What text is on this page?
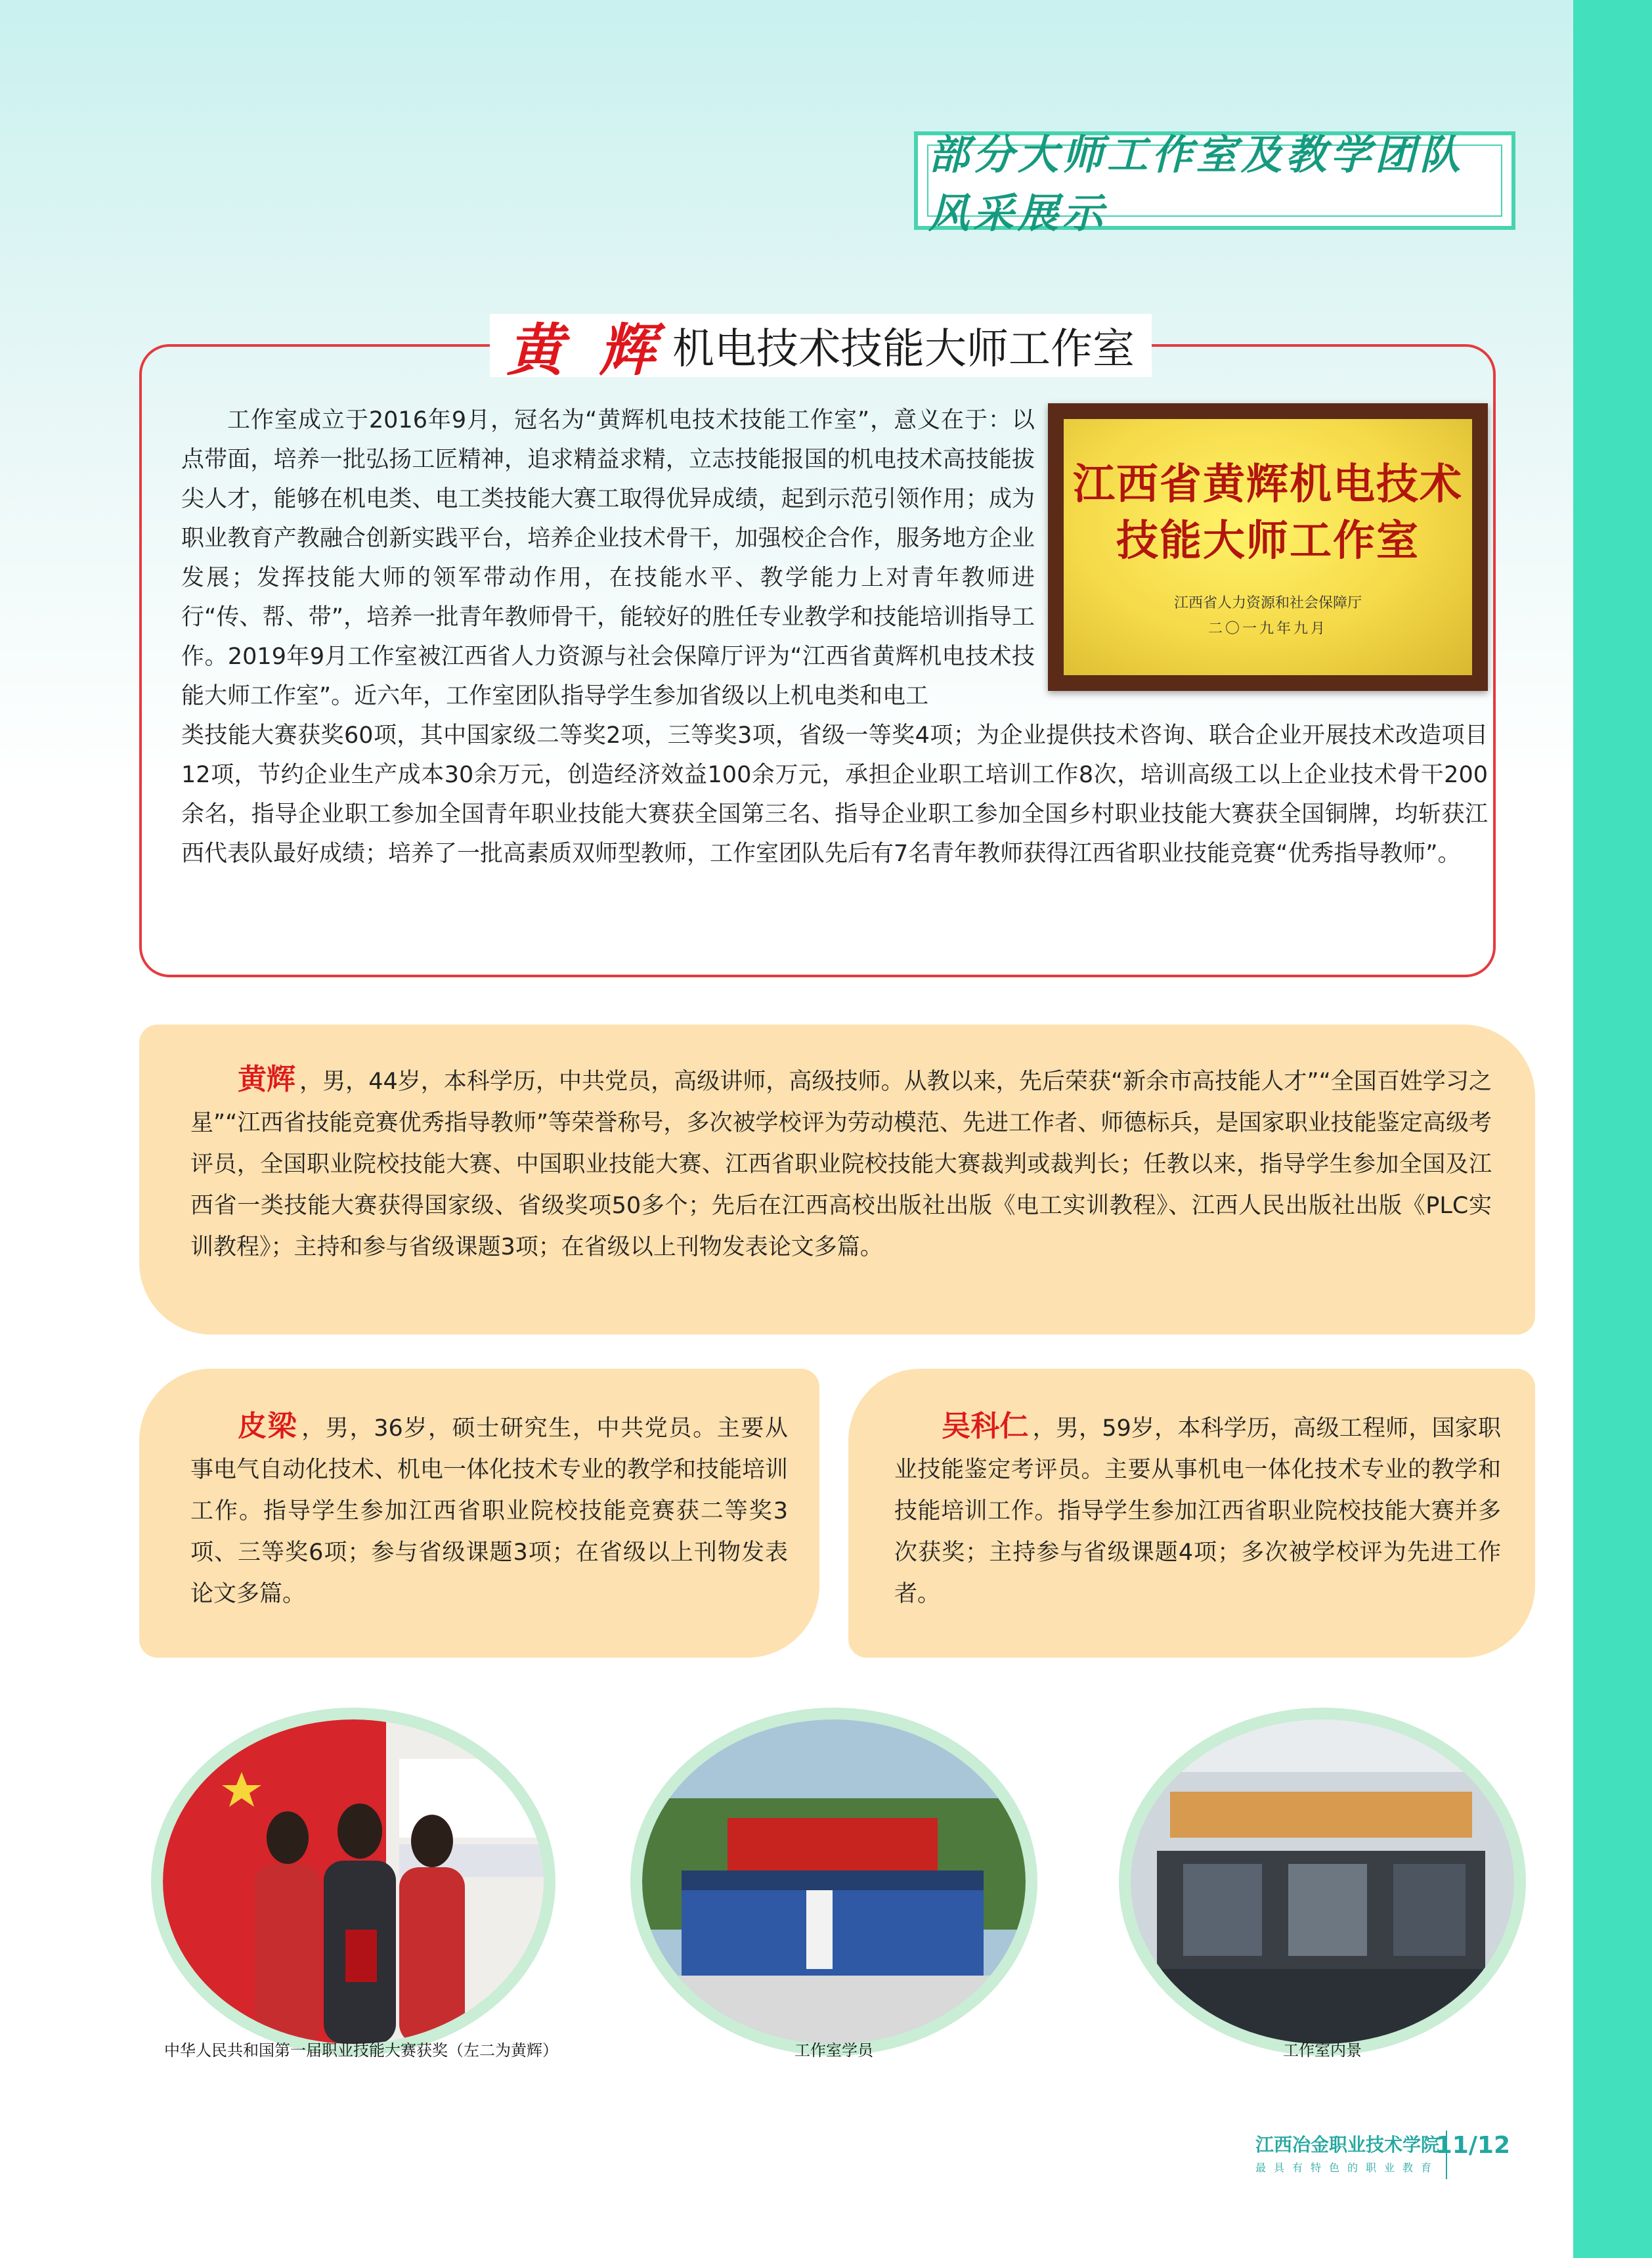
部分大师工作室及教学团队风采展示
黄 辉 机电技术技能大师工作室

工作室成立于2016年9月，冠名为“黄辉机电技术技能工作室”，意义在于：以点带面，培养一批弘扬工匠精神，追求精益求精，立志技能报国的机电技术高技能拔尖人才，能够在机电类、电工类技能大赛工取得优异成绩，起到示范引领作用；成为职业教育产教融合创新实践平台，培养企业技术骨干，加强校企合作，服务地方企业发展；发挥技能大师的领军带动作用，在技能水平、教学能力上对青年教师进行“传、帮、带”，培养一批青年教师骨干，能较好的胜任专业教学和技能培训指导工作。2019年9月工作室被江西省人力资源与社会保障厅评为“江西省黄辉机电技术技能大师工作室”。近六年，工作室团队指导学生参加省级以上机电类和电工

江西省黄辉机电技术
技能大师工作室
江西省人力资源和社会保障厅
二〇一九年九月

类技能大赛获奖60项，其中国家级二等奖2项，三等奖3项，省级一等奖4项；为企业提供技术咨询、联合企业开展技术改造项目12项，节约企业生产成本30余万元，创造经济效益100余万元，承担企业职工培训工作8次，培训高级工以上企业技术骨干200余名，指导企业职工参加全国青年职业技能大赛获全国第三名、指导企业职工参加全国乡村职业技能大赛获全国铜牌，均斩获江西代表队最好成绩；培养了一批高素质双师型教师，工作室团队先后有7名青年教师获得江西省职业技能竞赛“优秀指导教师”。

黄辉 ，男，44岁，本科学历，中共党员，高级讲师，高级技师。从教以来，先后荣获“新余市高技能人才”“全国百姓学习之星”“江西省技能竞赛优秀指导教师”等荣誉称号，多次被学校评为劳动模范、先进工作者、师德标兵，是国家职业技能鉴定高级考评员，全国职业院校技能大赛、中国职业技能大赛、江西省职业院校技能大赛裁判或裁判长；任教以来，指导学生参加全国及江西省一类技能大赛获得国家级、省级奖项50多个；先后在江西高校出版社出版《电工实训教程》、江西人民出版社出版《PLC实训教程》；主持和参与省级课题3项；在省级以上刊物发表论文多篇。

皮梁 ，男，36岁，硕士研究生，中共党员。主要从事电气自动化技术、机电一体化技术专业的教学和技能培训工作。指导学生参加江西省职业院校技能竞赛获二等奖3项、三等奖6项；参与省级课题3项；在省级以上刊物发表论文多篇。

吴科仁 ，男，59岁，本科学历，高级工程师，国家职业技能鉴定考评员。主要从事机电一体化技术专业的教学和技能培训工作。指导学生参加江西省职业院校技能大赛并多次获奖；主持参与省级课题4项；多次被学校评为先进工作者。

中华人民共和国第一届职业技能大赛获奖（左二为黄辉）	工作室学员	工作室内景
江西冶金职业技术学院
最具有特色的职业教育
11/12
